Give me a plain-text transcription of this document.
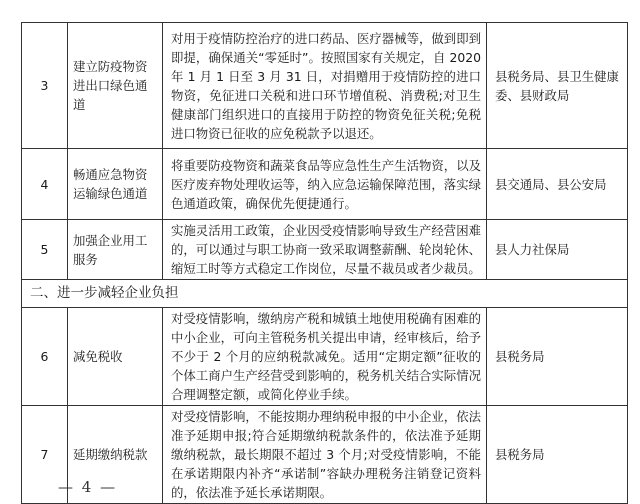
3	建立防疫物资进出口绿色通道	对用于疫情防控治疗的进口药品、医疗器械等，做到即到即提，确保通关“零延时”。按照国家有关规定，自 2020 年 1 月 1 日至 3 月 31 日，对捐赠用于疫情防控的进口物资，免征进口关税和进口环节增值税、消费税;对卫生健康部门组织进口的直接用于防控的物资免征关税;免税进口物资已征收的应免税款予以退还。	县税务局、县卫生健康委、县财政局
4	畅通应急物资运输绿色通道	将重要防疫物资和蔬菜食品等应急性生产生活物资，以及医疗废弃物处理收运等，纳入应急运输保障范围，落实绿色通道政策，确保优先便捷通行。	县交通局、县公安局
5	加强企业用工服务	实施灵活用工政策，企业因受疫情影响导致生产经营困难的，可以通过与职工协商一致采取调整薪酬、轮岗轮休、缩短工时等方式稳定工作岗位，尽量不裁员或者少裁员。	县人力社保局
二、进一步减轻企业负担			
6	减免税收	对受疫情影响，缴纳房产税和城镇土地使用税确有困难的中小企业，可向主管税务机关提出申请，经审核后，给予不少于 2 个月的应纳税款减免。适用“定期定额”征收的个体工商户生产经营受到影响的，税务机关结合实际情况合理调整定额，或简化停业手续。	县税务局
7	延期缴纳税款	对受疫情影响，不能按期办理纳税申报的中小企业，依法准予延期申报;符合延期缴纳税款条件的，依法准予延期缴纳税款，最长期限不超过 3 个月;对受疫情影响，不能在承诺期限内补齐“承诺制”容缺办理税务注销登记资料的，依法准予延长承诺期限。	县税务局
— 4 —
